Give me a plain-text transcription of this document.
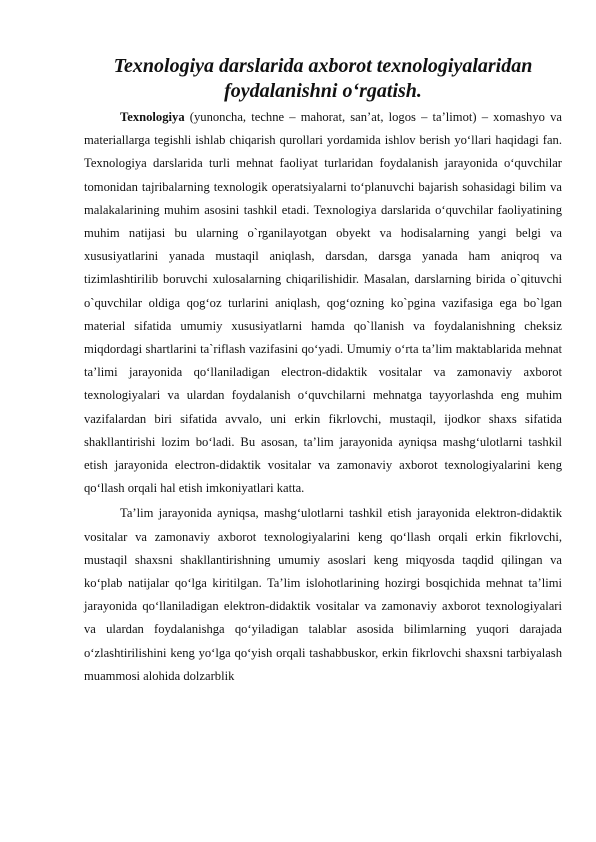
Texnologiya darslarida axborot texnologiyalaridan foydalanishni o‘rgatish.

Texnologiya (yunoncha, techne – mahorat, san’at, logos – ta’limot) – xomashyo va materiallarga tegishli ishlab chiqarish qurollari yordamida ishlov berish yo‘llari haqidagi fan. Texnologiya darslarida turli mehnat faoliyat turlaridan foydalanish jarayonida o‘quvchilar tomonidan tajribalarning texnologik operatsiyalarni to‘planuvchi bajarish sohasidagi bilim va malakalarining muhim asosini tashkil etadi. Texnologiya darslarida o‘quvchilar faoliyatining muhim natijasi bu ularning o`rganilayotgan obyekt va hodisalarning yangi belgi va xususiyatlarini yanada mustaqil aniqlash, darsdan, darsga yanada ham aniqroq va tizimlashtirilib boruvchi xulosalarning chiqarilishidir. Masalan, darslarning birida o`qituvchi o`quvchilar oldiga qog‘oz turlarini aniqlash, qog‘ozning ko`pgina vazifasiga ega bo`lgan material sifatida umumiy xususiyatlarni hamda qo`llanish va foydalanishning cheksiz miqdordagi shartlarini ta`riflash vazifasini qo‘yadi. Umumiy o‘rta ta’lim maktablarida mehnat ta’limi jarayonida qo‘llaniladigan electron-didaktik vositalar va zamonaviy axborot texnologiyalari va ulardan foydalanish o‘quvchilarni mehnatga tayyorlashda eng muhim vazifalardan biri sifatida avvalo, uni erkin fikrlovchi, mustaqil, ijodkor shaxs sifatida shakllantirishi lozim bo‘ladi. Bu asosan, ta’lim jarayonida ayniqsa mashg‘ulotlarni tashkil etish jarayonida electron-didaktik vositalar va zamonaviy axborot texnologiyalarini keng qo‘llash orqali hal etish imkoniyatlari katta.

Ta’lim jarayonida ayniqsa, mashg‘ulotlarni tashkil etish jarayonida elektron-didaktik vositalar va zamonaviy axborot texnologiyalarini keng qo‘llash orqali erkin fikrlovchi, mustaqil shaxsni shakllantirishning umumiy asoslari keng miqyosda taqdid qilingan va ko‘plab natijalar qo‘lga kiritilgan. Ta’lim islohotlarining hozirgi bosqichida mehnat ta’limi jarayonida qo‘llaniladigan elektron-didaktik vositalar va zamonaviy axborot texnologiyalari va ulardan foydalanishga qo‘yiladigan talablar asosida bilimlarning yuqori darajada o‘zlashtirilishini keng yo‘lga qo‘yish orqali tashabbuskor, erkin fikrlovchi shaxsni tarbiyalash muammosi alohida dolzarblik
